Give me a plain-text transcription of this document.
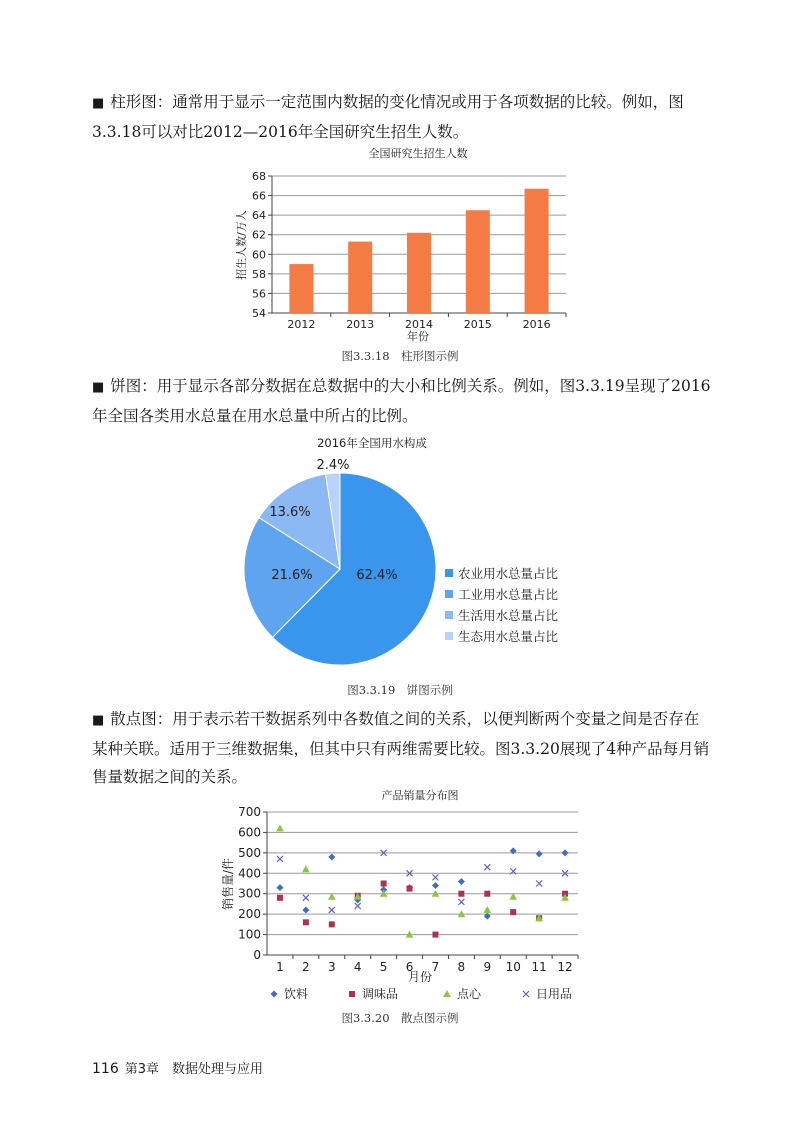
■ 柱形图：通常用于显示一定范围内数据的变化情况或用于各项数据的比较。例如，图3.3.18可以对比2012—2016年全国研究生招生人数。

■ 饼图：用于显示各部分数据在总数据中的大小和比例关系。例如，图3.3.19呈现了2016年全国各类用水总量在用水总量中所占的比例。

■ 散点图：用于表示若干数据系列中各数值之间的关系，以便判断两个变量之间是否存在某种关联。适用于三维数据集，但其中只有两维需要比较。图3.3.20展现了4种产品每月销售量数据之间的关系。

全国研究生招生人数
54
56
58
60
62
64
66
68
2012	2013	2014	2015	2016
年份
招生人数/万人
2016年全国用水构成
62.4%	农业用水总量占比
21.6%
工业用水总量占比
13.6%
生活用水总量占比
2.4%
生态用水总量占比
产品销量分布图
0
100
200
300
400
500
600
700
1 2 3 4 5 6 7 8 9 10 11 12
月份
销售量/件
饮料	调味品	点心	日用品
图3.3.18　柱形图示例
图3.3.19　饼图示例
图3.3.20　散点图示例
116 第3章　数据处理与应用
